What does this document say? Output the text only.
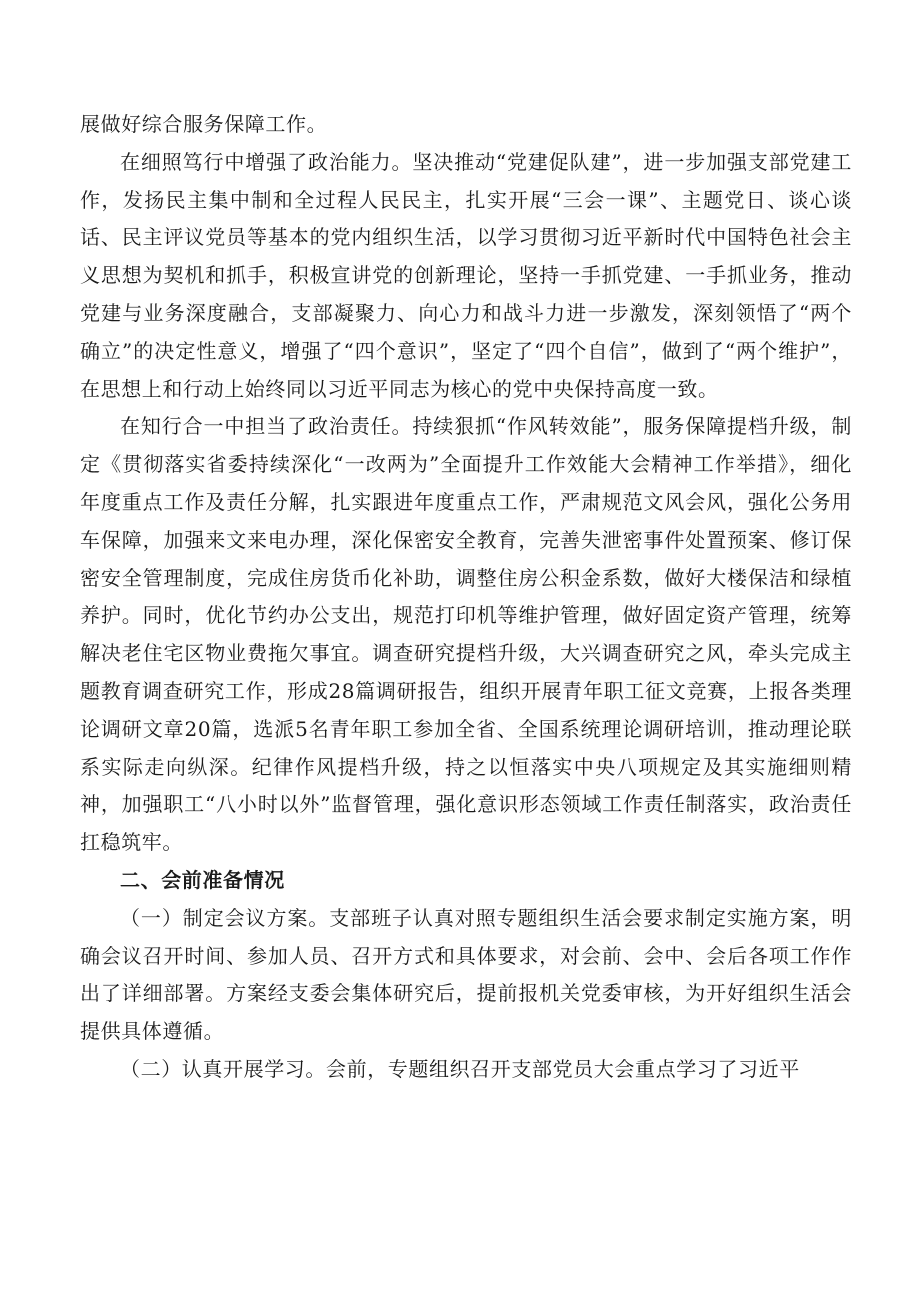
展做好综合服务保障工作。

在细照笃行中增强了政治能力。坚决推动“党建促队建”，进一步加强支部党建工作，发扬民主集中制和全过程人民民主，扎实开展“三会一课”、主题党日、谈心谈话、民主评议党员等基本的党内组织生活，以学习贯彻习近平新时代中国特色社会主义思想为契机和抓手，积极宣讲党的创新理论，坚持一手抓党建、一手抓业务，推动党建与业务深度融合，支部凝聚力、向心力和战斗力进一步激发，深刻领悟了“两个确立”的决定性意义，增强了“四个意识”，坚定了“四个自信”，做到了“两个维护”，在思想上和行动上始终同以习近平同志为核心的党中央保持高度一致。

在知行合一中担当了政治责任。持续狠抓“作风转效能”，服务保障提档升级，制定《贯彻落实省委持续深化“一改两为”全面提升工作效能大会精神工作举措》，细化年度重点工作及责任分解，扎实跟进年度重点工作，严肃规范文风会风，强化公务用车保障，加强来文来电办理，深化保密安全教育，完善失泄密事件处置预案、修订保密安全管理制度，完成住房货币化补助，调整住房公积金系数，做好大楼保洁和绿植养护。同时，优化节约办公支出，规范打印机等维护管理，做好固定资产管理，统筹解决老住宅区物业费拖欠事宜。调查研究提档升级，大兴调查研究之风，牵头完成主题教育调查研究工作，形成28篇调研报告，组织开展青年职工征文竞赛，上报各类理论调研文章20篇，选派5名青年职工参加全省、全国系统理论调研培训，推动理论联系实际走向纵深。纪律作风提档升级，持之以恒落实中央八项规定及其实施细则精神，加强职工“八小时以外”监督管理，强化意识形态领域工作责任制落实，政治责任扛稳筑牢。

二、会前准备情况

（一）制定会议方案。支部班子认真对照专题组织生活会要求制定实施方案，明确会议召开时间、参加人员、召开方式和具体要求，对会前、会中、会后各项工作作出了详细部署。方案经支委会集体研究后，提前报机关党委审核，为开好组织生活会提供具体遵循。

（二）认真开展学习。会前，专题组织召开支部党员大会重点学习了习近平
